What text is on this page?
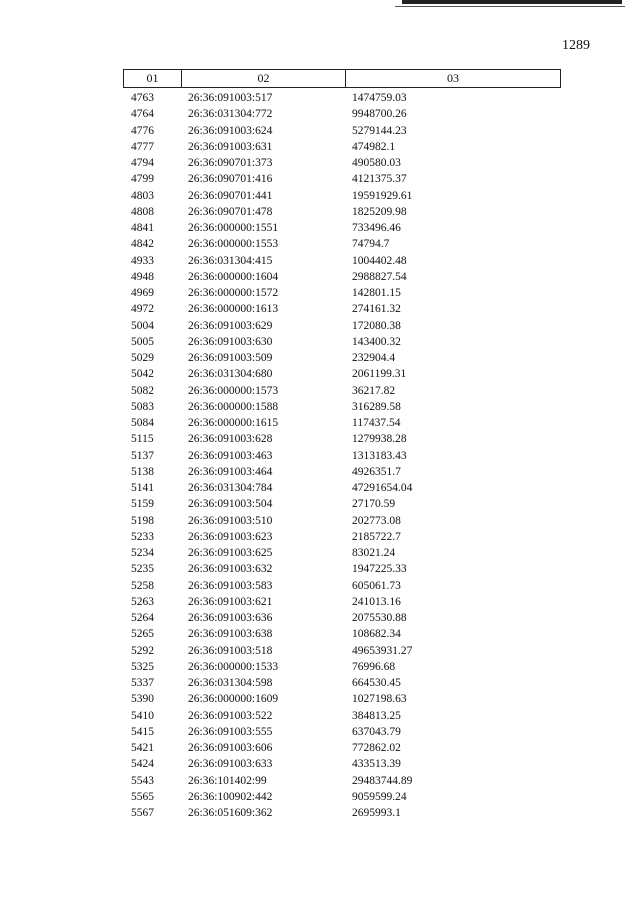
1289
01	02	03
4763	26:36:091003:517	1474759.03
4764	26:36:031304:772	9948700.26
4776	26:36:091003:624	5279144.23
4777	26:36:091003:631	474982.1
4794	26:36:090701:373	490580.03
4799	26:36:090701:416	4121375.37
4803	26:36:090701:441	19591929.61
4808	26:36:090701:478	1825209.98
4841	26:36:000000:1551	733496.46
4842	26:36:000000:1553	74794.7
4933	26:36:031304:415	1004402.48
4948	26:36:000000:1604	2988827.54
4969	26:36:000000:1572	142801.15
4972	26:36:000000:1613	274161.32
5004	26:36:091003:629	172080.38
5005	26:36:091003:630	143400.32
5029	26:36:091003:509	232904.4
5042	26:36:031304:680	2061199.31
5082	26:36:000000:1573	36217.82
5083	26:36:000000:1588	316289.58
5084	26:36:000000:1615	117437.54
5115	26:36:091003:628	1279938.28
5137	26:36:091003:463	1313183.43
5138	26:36:091003:464	4926351.7
5141	26:36:031304:784	47291654.04
5159	26:36:091003:504	27170.59
5198	26:36:091003:510	202773.08
5233	26:36:091003:623	2185722.7
5234	26:36:091003:625	83021.24
5235	26:36:091003:632	1947225.33
5258	26:36:091003:583	605061.73
5263	26:36:091003:621	241013.16
5264	26:36:091003:636	2075530.88
5265	26:36:091003:638	108682.34
5292	26:36:091003:518	49653931.27
5325	26:36:000000:1533	76996.68
5337	26:36:031304:598	664530.45
5390	26:36:000000:1609	1027198.63
5410	26:36:091003:522	384813.25
5415	26:36:091003:555	637043.79
5421	26:36:091003:606	772862.02
5424	26:36:091003:633	433513.39
5543	26:36:101402:99	29483744.89
5565	26:36:100902:442	9059599.24
5567	26:36:051609:362	2695993.1
